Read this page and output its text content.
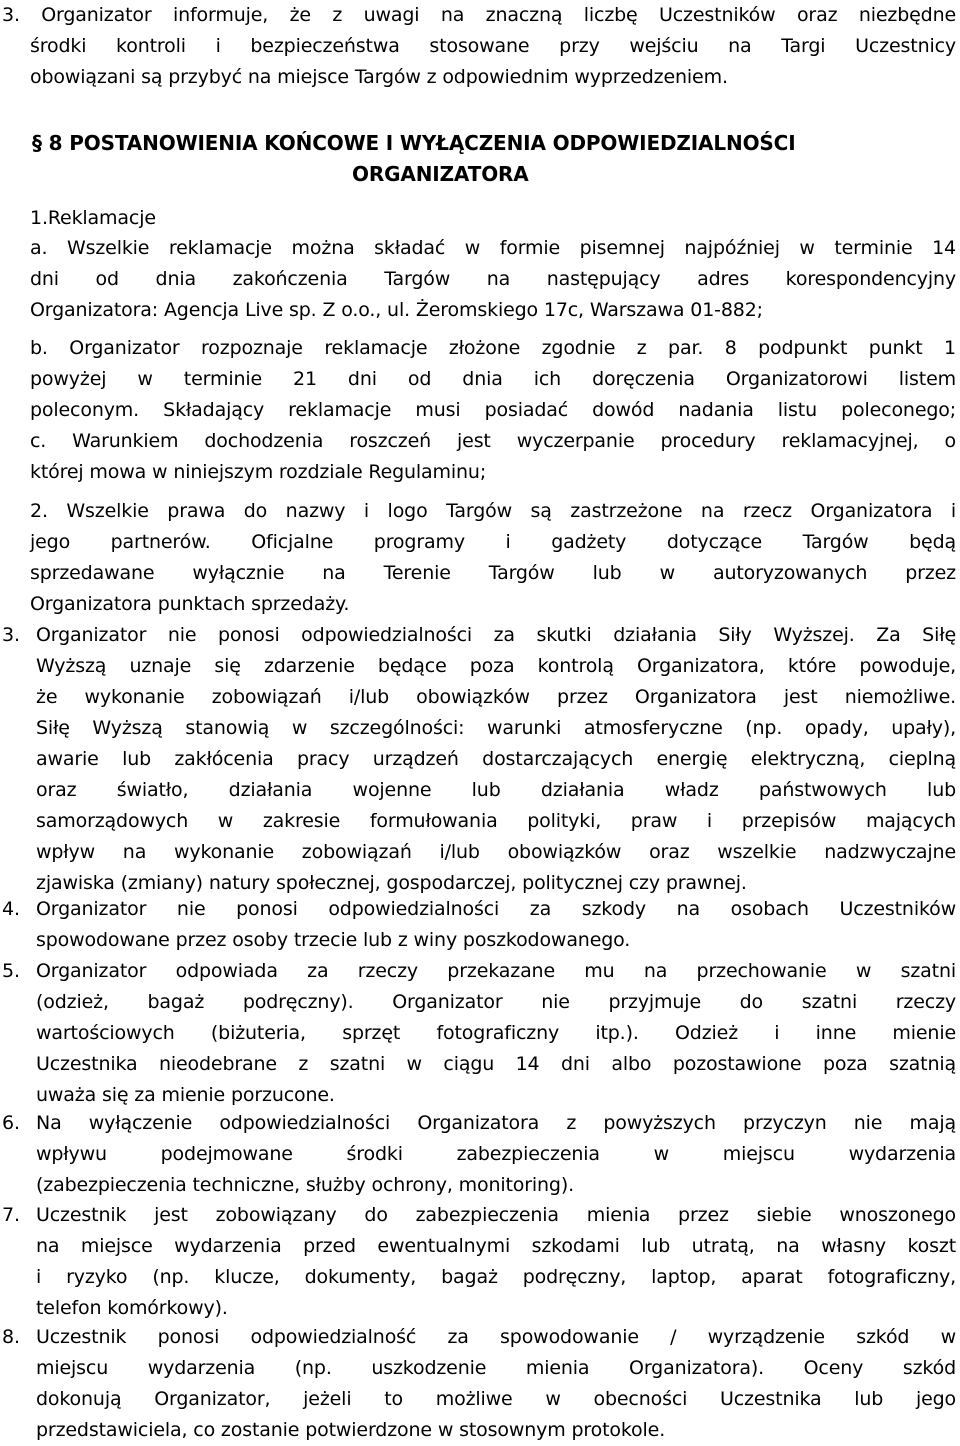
3. Organizator informuje, że z uwagi na znaczną liczbę Uczestników oraz niezbędne
środki kontroli i bezpieczeństwa stosowane przy wejściu na Targi Uczestnicy
obowiązani są przybyć na miejsce Targów z odpowiednim wyprzedzeniem.
§ 8 POSTANOWIENIA KOŃCOWE I WYŁĄCZENIA ODPOWIEDZIALNOŚCI
ORGANIZATORA
1.Reklamacje
a. Wszelkie reklamacje można składać w formie pisemnej najpóźniej w terminie 14
dni od dnia zakończenia Targów na następujący adres korespondencyjny
Organizatora: Agencja Live sp. Z o.o., ul. Żeromskiego 17c, Warszawa 01-882;
b. Organizator rozpoznaje reklamacje złożone zgodnie z par. 8 podpunkt punkt 1
powyżej w terminie 21 dni od dnia ich doręczenia Organizatorowi listem
poleconym. Składający reklamacje musi posiadać dowód nadania listu poleconego;
c. Warunkiem dochodzenia roszczeń jest wyczerpanie procedury reklamacyjnej, o
której mowa w niniejszym rozdziale Regulaminu;
2. Wszelkie prawa do nazwy i logo Targów są zastrzeżone na rzecz Organizatora i
jego partnerów. Oficjalne programy i gadżety dotyczące Targów będą
sprzedawane wyłącznie na Terenie Targów lub w autoryzowanych przez
Organizatora punktach sprzedaży.
3. Organizator nie ponosi odpowiedzialności za skutki działania Siły Wyższej. Za Siłę
Wyższą uznaje się zdarzenie będące poza kontrolą Organizatora, które powoduje,
że wykonanie zobowiązań i/lub obowiązków przez Organizatora jest niemożliwe.
Siłę Wyższą stanowią w szczególności: warunki atmosferyczne (np. opady, upały),
awarie lub zakłócenia pracy urządzeń dostarczających energię elektryczną, cieplną
oraz światło, działania wojenne lub działania władz państwowych lub
samorządowych w zakresie formułowania polityki, praw i przepisów mających
wpływ na wykonanie zobowiązań i/lub obowiązków oraz wszelkie nadzwyczajne
zjawiska (zmiany) natury społecznej, gospodarczej, politycznej czy prawnej.
4. Organizator nie ponosi odpowiedzialności za szkody na osobach Uczestników
spowodowane przez osoby trzecie lub z winy poszkodowanego.
5. Organizator odpowiada za rzeczy przekazane mu na przechowanie w szatni
(odzież, bagaż podręczny). Organizator nie przyjmuje do szatni rzeczy
wartościowych (biżuteria, sprzęt fotograficzny itp.). Odzież i inne mienie
Uczestnika nieodebrane z szatni w ciągu 14 dni albo pozostawione poza szatnią
uważa się za mienie porzucone.
6. Na wyłączenie odpowiedzialności Organizatora z powyższych przyczyn nie mają
wpływu podejmowane środki zabezpieczenia w miejscu wydarzenia
(zabezpieczenia techniczne, służby ochrony, monitoring).
7. Uczestnik jest zobowiązany do zabezpieczenia mienia przez siebie wnoszonego
na miejsce wydarzenia przed ewentualnymi szkodami lub utratą, na własny koszt
i ryzyko (np. klucze, dokumenty, bagaż podręczny, laptop, aparat fotograficzny,
telefon komórkowy).
8. Uczestnik ponosi odpowiedzialność za spowodowanie / wyrządzenie szkód w
miejscu wydarzenia (np. uszkodzenie mienia Organizatora). Oceny szkód
dokonują Organizator, jeżeli to możliwe w obecności Uczestnika lub jego
przedstawiciela, co zostanie potwierdzone w stosownym protokole.
